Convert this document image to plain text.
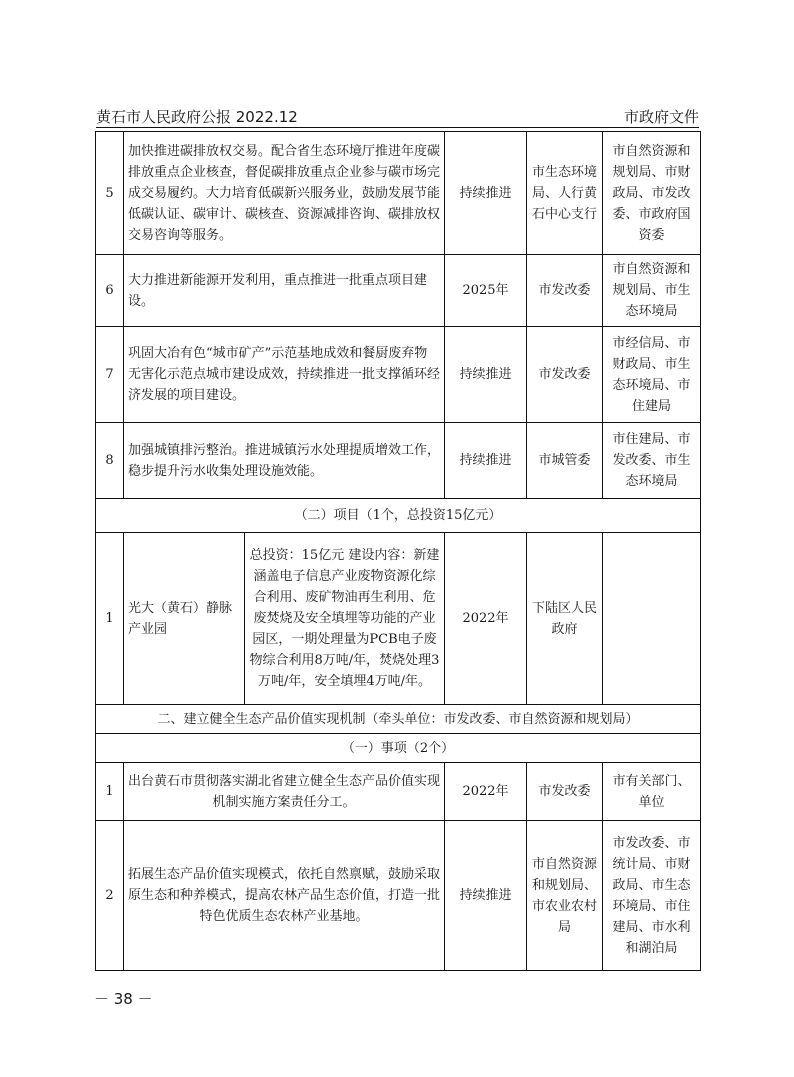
黄石市人民政府公报 2022.12	市政府文件
5	加快推进碳排放权交易。配合省生态环境厅推进年度碳排放重点企业核查，督促碳排放重点企业参与碳市场完成交易履约。大力培育低碳新兴服务业，鼓励发展节能低碳认证、碳审计、碳核查、资源减排咨询、碳排放权交易咨询等服务。		持续推进	市生态环境局、人行黄石中心支行	市自然资源和规划局、市财政局、市发改委、市政府国资委
6	大力推进新能源开发利用，重点推进一批重点项目建设。		2025年	市发改委	市自然资源和规划局、市生态环境局
7	巩固大冶有色“城市矿产”示范基地成效和餐厨废弃物无害化示范点城市建设成效，持续推进一批支撑循环经济发展的项目建设。		持续推进	市发改委	市经信局、市财政局、市生态环境局、市住建局
8	加强城镇排污整治。推进城镇污水处理提质增效工作，稳步提升污水收集处理设施效能。		持续推进	市城管委	市住建局、市发改委、市生态环境局
（二）项目（1个，总投资15亿元）					
1	光大（黄石）静脉产业园	总投资：15亿元 建设内容：新建涵盖电子信息产业废物资源化综合利用、废矿物油再生利用、危废焚烧及安全填埋等功能的产业园区，一期处理量为PCB电子废物综合利用8万吨/年，焚烧处理3万吨/年，安全填埋4万吨/年。	2022年	下陆区人民政府	
二、建立健全生态产品价值实现机制（牵头单位：市发改委、市自然资源和规划局）					
（一）事项（2个）					
1	出台黄石市贯彻落实湖北省建立健全生态产品价值实现机制实施方案责任分工。		2022年	市发改委	市有关部门、单位
2	拓展生态产品价值实现模式，依托自然禀赋，鼓励采取原生态和种养模式，提高农林产品生态价值，打造一批特色优质生态农林产业基地。		持续推进	市自然资源和规划局、市农业农村局	市发改委、市统计局、市财政局、市生态环境局、市住建局、市水利和湖泊局
－ 38 －
